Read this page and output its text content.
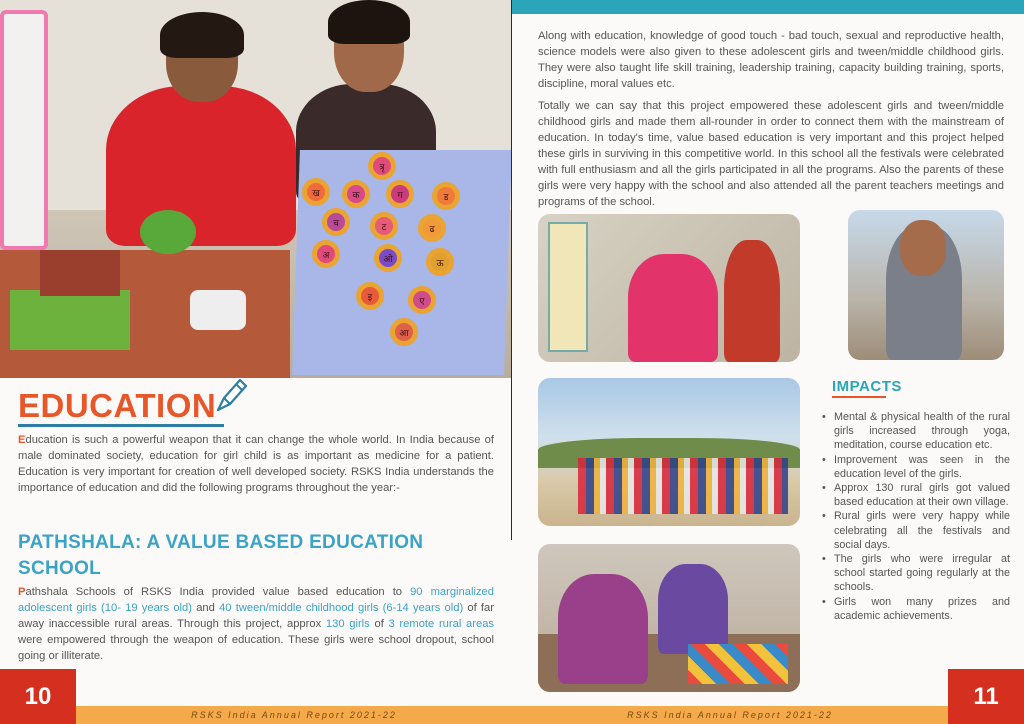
त्रृ
ख	क	ग	ड
च	ट	ढ
अ	ओ	ऊ
इ	ए
आ
EDUCATION

Education is such a powerful weapon that it can change the whole world. In India because of male dominated society, education for girl child is as important as medicine for a patient. Education is very important for creation of well developed society. RSKS India understands the importance of education and did the following programs throughout the year:-

PATHSHALA: A VALUE BASED EDUCATION SCHOOL

Pathshala Schools of RSKS India provided value based education to 90 marginalized adolescent girls (10- 19 years old) and 40 tween/middle childhood girls (6-14 years old) of far away inaccessible rural areas. Through this project, approx 130 girls of 3 remote rural areas were empowered through the weapon of education. These girls were school dropout, school going or illiterate.

10
RSKS India Annual Report 2021-22

Along with education, knowledge of good touch - bad touch, sexual and reproductive health, science models were also given to these adolescent girls and tween/middle childhood girls. They were also taught life skill training, leadership training, capacity building training, sports, discipline, moral values etc.

Totally we can say that this project empowered these adolescent girls and tween/middle childhood girls and made them all-rounder in order to connect them with the mainstream of education. In today's time, value based education is very important and this project helped these girls in surviving in this competitive world. In this school all the festivals were celebrated with full enthusiasm and all the girls participated in all the programs. Also the parents of these girls were very happy with the school and also attended all the parent teachers meetings and programs of the school.

IMPACTS
• Mental & physical health of the rural girls increased through yoga, meditation, course education etc.
• Improvement was seen in the education level of the girls.
• Approx 130 rural girls got valued based education at their own village.
• Rural girls were very happy while celebrating all the festivals and social days.
• The girls who were irregular at school started going regularly at the schools.
• Girls won many prizes and academic achievements.
11
RSKS India Annual Report 2021-22
